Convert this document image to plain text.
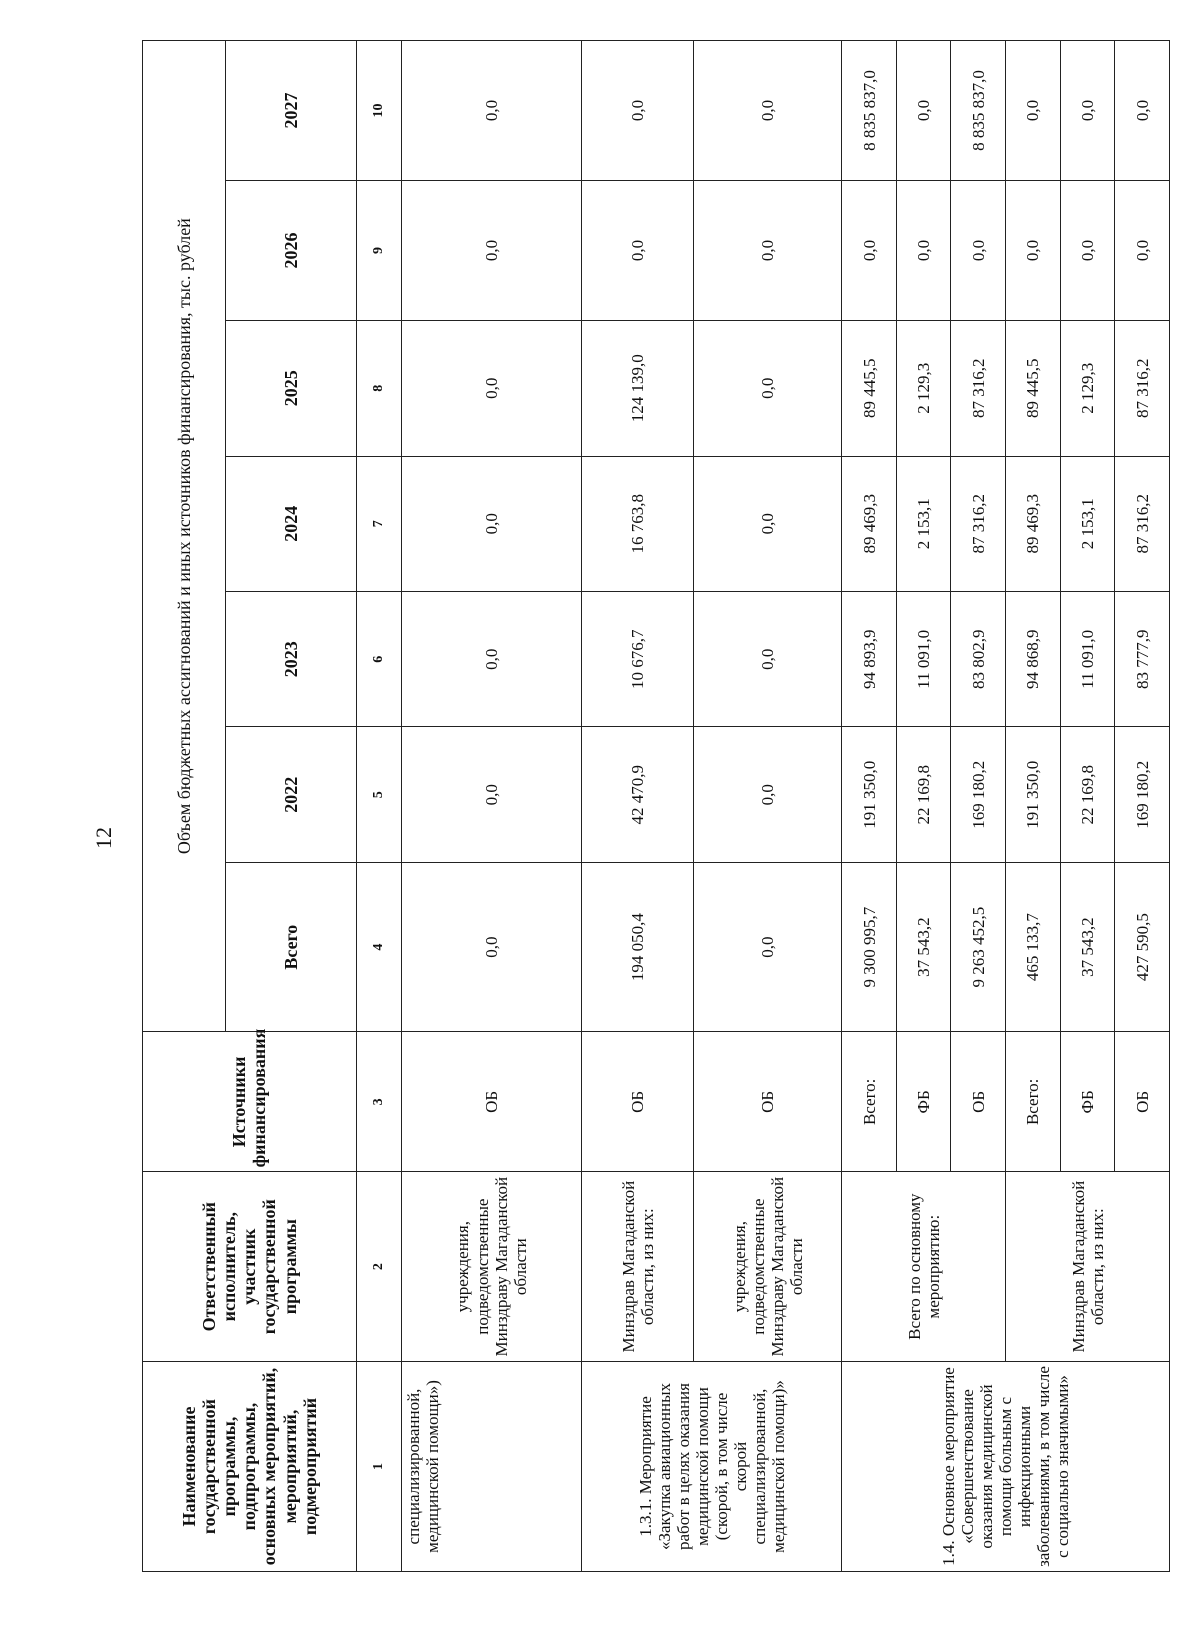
12
Наименование государственной программы, подпрограммы, основных мероприятий, мероприятий, подмероприятий	Ответственный исполнитель, участник государственной программы	Источники финансирования	Объем бюджетных ассигнований и иных источников финансирования, тыс. рублей						
			Всего	2022	2023	2024	2025	2026	2027
1	2	3	4	5	6	7	8	9	10
специализированной, медицинской помощи»)	учреждения, подведомственные Минздраву Магаданской области	ОБ	0,0	0,0	0,0	0,0	0,0	0,0	0,0
1.3.1. Мероприятие «Закупка авиационных работ в целях оказания медицинской помощи (скорой, в том числе скорой специализированной, медицинской помощи)»	Минздрав Магаданской области, из них:	ОБ	194 050,4	42 470,9	10 676,7	16 763,8	124 139,0	0,0	0,0
	учреждения, подведомственные Минздраву Магаданской области	ОБ	0,0	0,0	0,0	0,0	0,0	0,0	0,0
1.4. Основное мероприятие «Совершенствование оказания медицинской помощи больным с инфекционными заболеваниями, в том числе с социально значимыми»	Всего по основному мероприятию:	Всего:	9 300 995,7	191 350,0	94 893,9	89 469,3	89 445,5	0,0	8 835 837,0
		ФБ	37 543,2	22 169,8	11 091,0	2 153,1	2 129,3	0,0	0,0
		ОБ	9 263 452,5	169 180,2	83 802,9	87 316,2	87 316,2	0,0	8 835 837,0
	Минздрав Магаданской области, из них:	Всего:	465 133,7	191 350,0	94 868,9	89 469,3	89 445,5	0,0	0,0
		ФБ	37 543,2	22 169,8	11 091,0	2 153,1	2 129,3	0,0	0,0
		ОБ	427 590,5	169 180,2	83 777,9	87 316,2	87 316,2	0,0	0,0
